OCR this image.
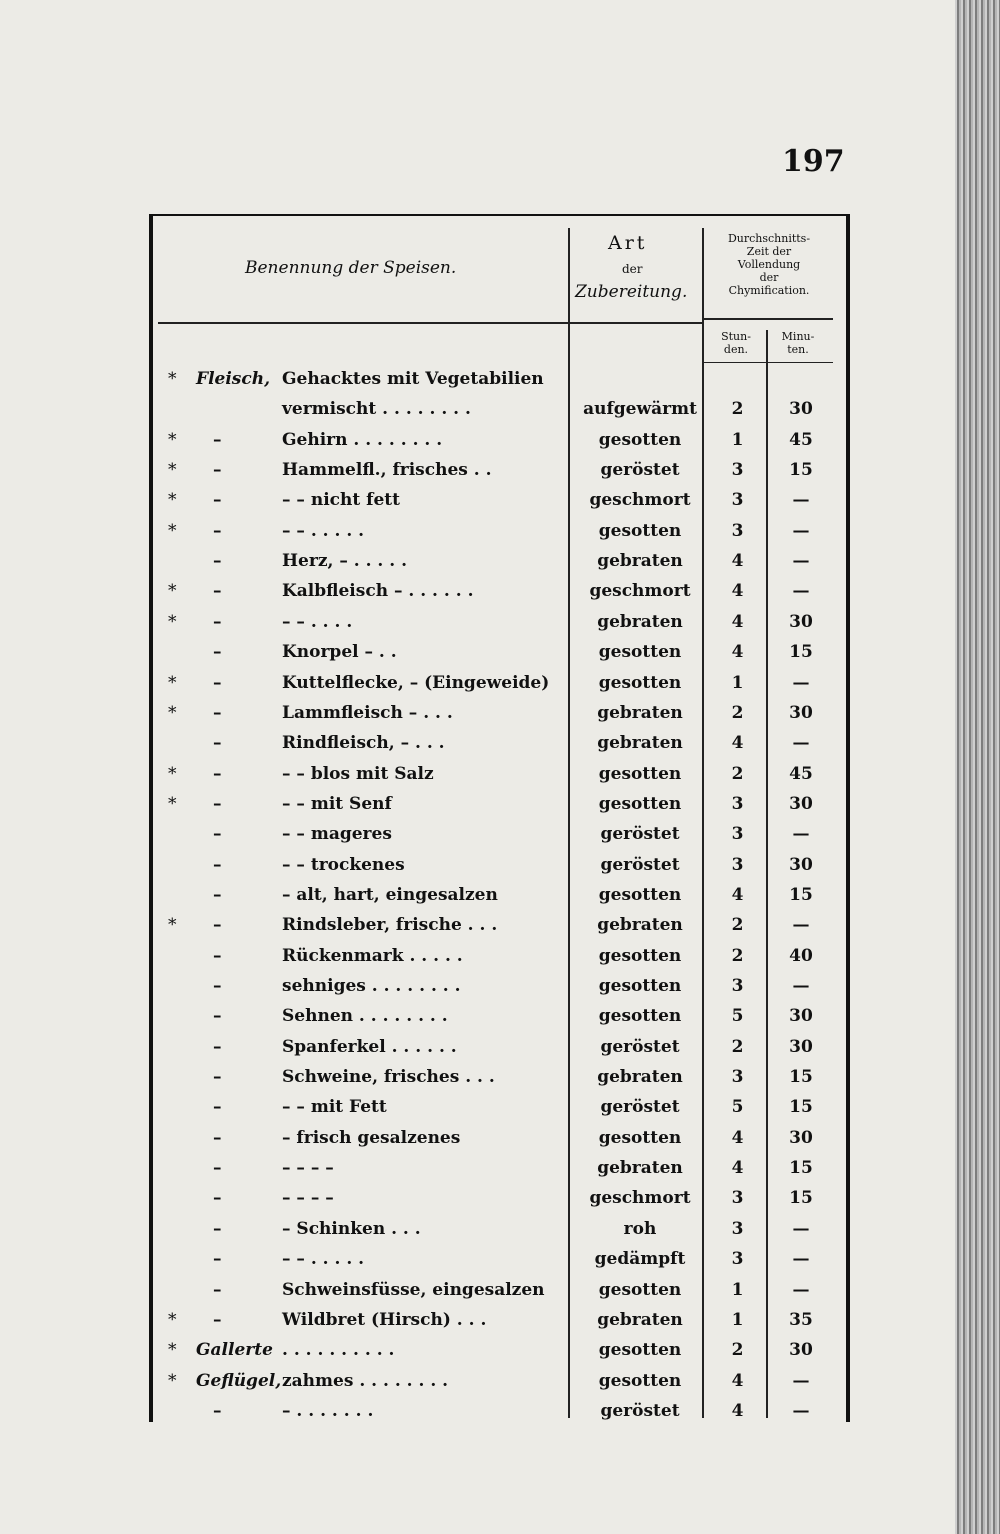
197
Benennung der Speisen.
Art
der
Zubereitung.
Durchschnitts-
Zeit der
Vollendung
der
Chymification.
Stun-
den.
Minu-
ten.
* Fleisch, Gehacktes mit Vegetabilien
vermischt . . . . . . . .	aufgewärmt	2	30
* –	Gehirn . . . . . . . .	gesotten	1	45
* –	Hammelfl., frisches . .	geröstet	3	15
* –	– – nicht fett	geschmort	3	—
* –	– – . . . . .	gesotten	3	—
–	Herz, – . . . . .	gebraten	4	—
* –	Kalbfleisch – . . . . . .	geschmort	4	—
* –	– – . . . .	gebraten	4	30
–	Knorpel – . .	gesotten	4	15
* –	Kuttelflecke, – (Eingeweide)	gesotten	1	—
* –	Lammfleisch – . . .	gebraten	2	30
–	Rindfleisch, – . . .	gebraten	4	—
* –	– – blos mit Salz	gesotten	2	45
* –	– – mit Senf	gesotten	3	30
–	– – mageres	geröstet	3	—
–	– – trockenes	geröstet	3	30
–	– alt, hart, eingesalzen	gesotten	4	15
* –	Rindsleber, frische . . .	gebraten	2	—
–	Rückenmark . . . . .	gesotten	2	40
–	sehniges . . . . . . . .	gesotten	3	—
–	Sehnen . . . . . . . .	gesotten	5	30
–	Spanferkel . . . . . .	geröstet	2	30
–	Schweine, frisches . . .	gebraten	3	15
–	– – mit Fett	geröstet	5	15
–	– frisch gesalzenes	gesotten	4	30
–	– – – –	gebraten	4	15
–	– – – –	geschmort	3	15
–	– Schinken . . .	roh	3	—
–	– – . . . . .	gedämpft	3	—
–	Schweinsfüsse, eingesalzen	gesotten	1	—
* –	Wildbret (Hirsch) . . .	gebraten	1	35
* Gallerte . . . . . . . . . .	gesotten	2	30
* Geflügel, zahmes . . . . . . . .	gesotten	4	—
–	– . . . . . . .	geröstet	4	—
